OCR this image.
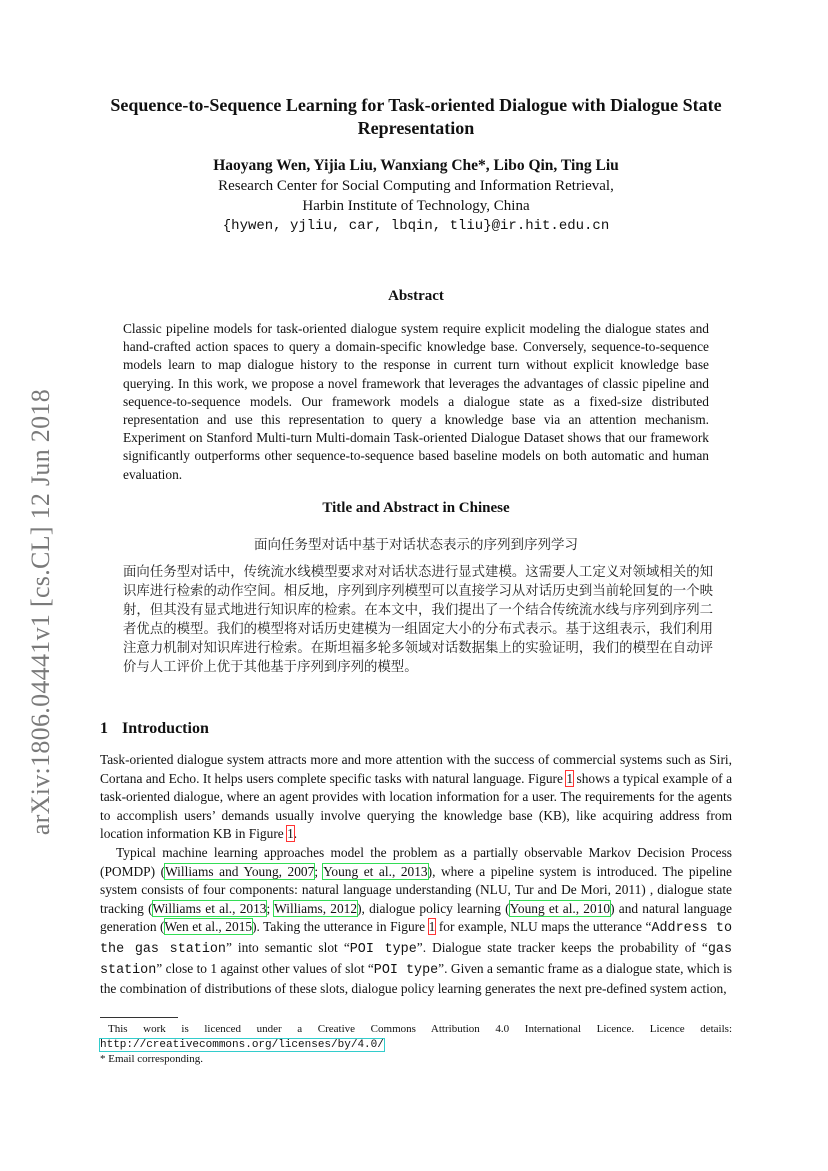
arXiv:1806.04441v1 [cs.CL] 12 Jun 2018
Sequence-to-Sequence Learning for Task-oriented Dialogue with Dialogue State Representation
Haoyang Wen, Yijia Liu, Wanxiang Che*, Libo Qin, Ting Liu
Research Center for Social Computing and Information Retrieval,
Harbin Institute of Technology, China
{hywen, yjliu, car, lbqin, tliu}@ir.hit.edu.cn
Abstract

Classic pipeline models for task-oriented dialogue system require explicit modeling the dialogue states and hand-crafted action spaces to query a domain-specific knowledge base. Conversely, sequence-to-sequence models learn to map dialogue history to the response in current turn without explicit knowledge base querying. In this work, we propose a novel framework that leverages the advantages of classic pipeline and sequence-to-sequence models. Our framework models a dialogue state as a fixed-size distributed representation and use this representation to query a knowledge base via an attention mechanism. Experiment on Stanford Multi-turn Multi-domain Task-oriented Dialogue Dataset shows that our framework significantly outperforms other sequence-to-sequence based baseline models on both automatic and human evaluation.

Title and Abstract in Chinese
面向任务型对话中基于对话状态表示的序列到序列学习

面向任务型对话中，传统流水线模型要求对对话状态进行显式建模。这需要人工定义对领域相关的知识库进行检索的动作空间。相反地，序列到序列模型可以直接学习从对话历史到当前轮回复的一个映射，但其没有显式地进行知识库的检索。在本文中，我们提出了一个结合传统流水线与序列到序列二者优点的模型。我们的模型将对话历史建模为一组固定大小的分布式表示。基于这组表示，我们利用注意力机制对知识库进行检索。在斯坦福多轮多领域对话数据集上的实验证明，我们的模型在自动评价与人工评价上优于其他基于序列到序列的模型。

1 Introduction

Task-oriented dialogue system attracts more and more attention with the success of commercial systems such as Siri, Cortana and Echo. It helps users complete specific tasks with natural language. Figure 1 shows a typical example of a task-oriented dialogue, where an agent provides with location information for a user. The requirements for the agents to accomplish users’ demands usually involve querying the knowledge base (KB), like acquiring address from location information KB in Figure 1.

Typical machine learning approaches model the problem as a partially observable Markov Decision Process (POMDP) (Williams and Young, 2007; Young et al., 2013), where a pipeline system is introduced. The pipeline system consists of four components: natural language understanding (NLU, Tur and De Mori, 2011) , dialogue state tracking (Williams et al., 2013; Williams, 2012), dialogue policy learning (Young et al., 2010) and natural language generation (Wen et al., 2015). Taking the utterance in Figure 1 for example, NLU maps the utterance “Address to the gas station” into semantic slot “POI type”. Dialogue state tracker keeps the probability of “gas station” close to 1 against other values of slot “POI type”. Given a semantic frame as a dialogue state, which is the combination of distributions of these slots, dialogue policy learning generates the next pre-defined system action,

This work is licenced under a Creative Commons Attribution 4.0 International Licence. Licence details: http://creativecommons.org/licenses/by/4.0/

* Email corresponding.
